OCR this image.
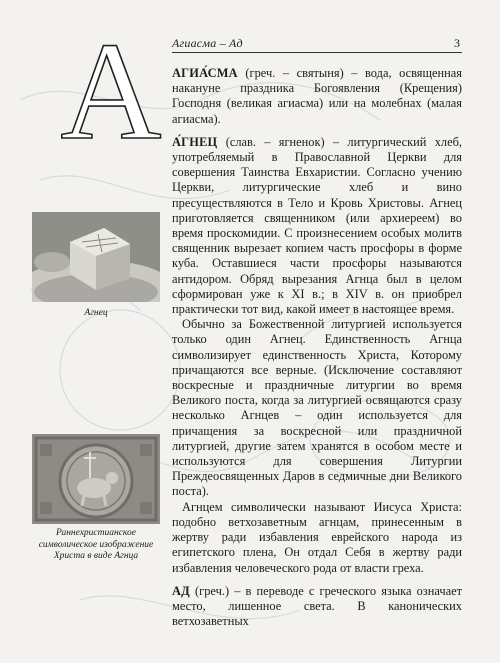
А Агиасма – Ад	3

АГИА́СМА (греч. – святыня) – вода, освященная накануне праздника Богоявления (Крещения) Господня (великая агиасма) или на молебнах (малая агиасма).

А́ГНЕЦ (слав. – ягненок) – литургический хлеб, употребляемый в Православной Церкви для совершения Таинства Евхаристии. Согласно учению Церкви, литургические хлеб и вино пресуществляются в Тело и Кровь Христовы. Агнец приготовляется священником (или архиереем) во время проскомидии. С произнесением особых молитв священник вырезает копием часть просфоры в форме куба. Оставшиеся части просфоры называются антидором. Обряд вырезания Агнца был в целом сформирован уже к XI в.; в XIV в. он приобрел практически тот вид, какой имеет в настоящее время.

Обычно за Божественной литургией используется только один Агнец. Единственность Агнца символизирует единственность Христа, Которому причащаются все верные. (Исключение составляют воскресные и праздничные литургии во время Великого поста, когда за литургией освящаются сразу несколько Агнцев – один используется для причащения за воскресной или праздничной литургией, другие затем хранятся в особом месте и используются для совершения Литургии Преждеосвященных Даров в седмичные дни Великого поста).

Агнцем символически называют Иисуса Христа: подобно ветхозаветным агнцам, принесенным в жертву ради избавления еврейского народа из египетского плена, Он отдал Себя в жертву ради избавления человеческого рода от власти греха.

АД (греч.) – в переводе с греческого языка означает место, лишенное света. В канонических ветхозаветных

Агнец
Раннехристианское символическое изображение Христа в виде Агнца
